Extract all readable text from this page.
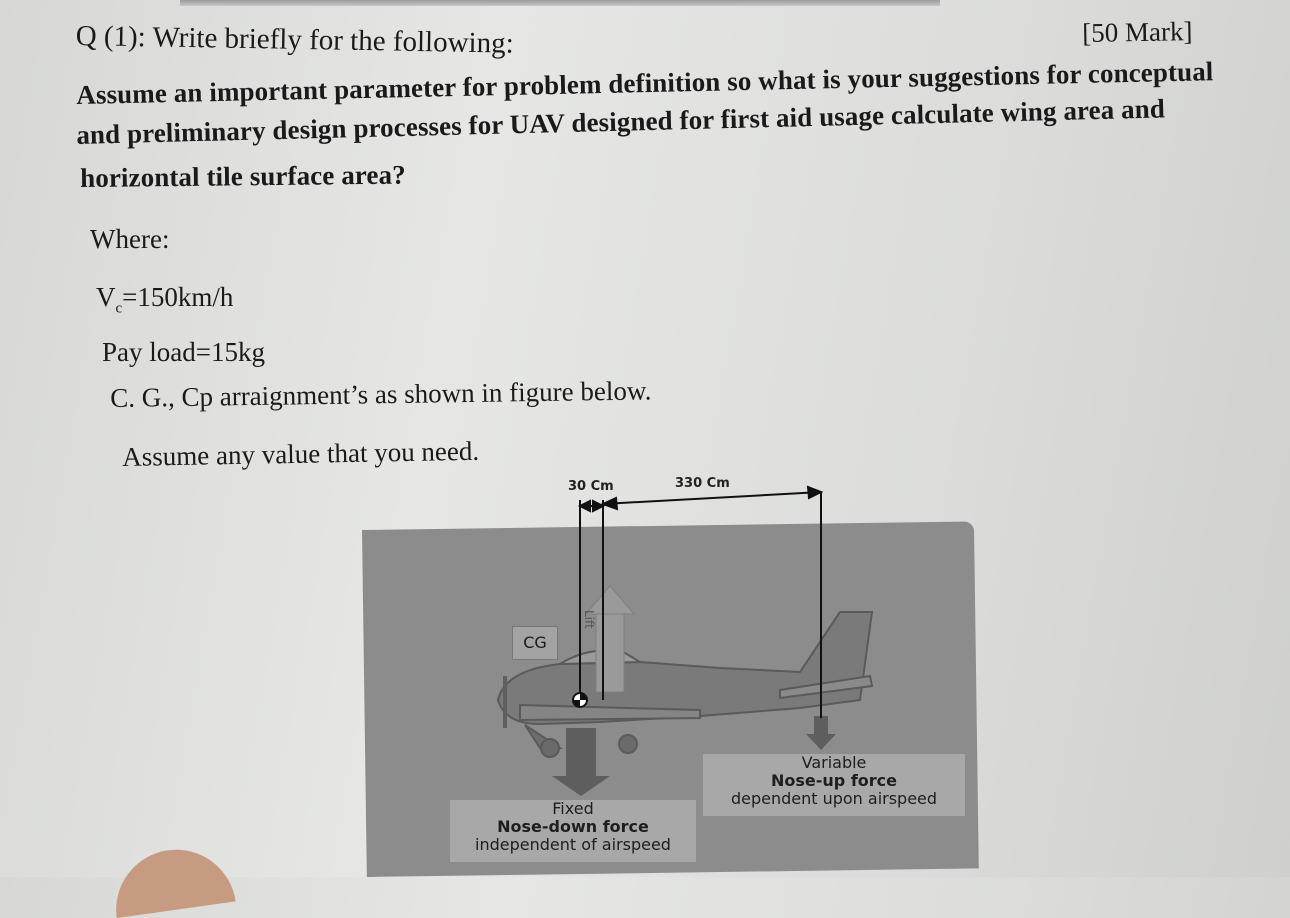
Q (1): Write briefly for the following:	[50 Mark]
Assume an important parameter for problem definition so what is your suggestions for conceptual
and preliminary design processes for UAV designed for first aid usage calculate wing area and
horizontal tile surface area?
Where:
$V_c=150km/h$
Pay load=15kg
C. G., Cp arraignment’s as shown in figure below.
Assume any value that you need.
30 Cm	330 Cm
CG
Lift
Variable
Nose-up force
dependent upon airspeed
Fixed
Nose-down force
independent of airspeed
